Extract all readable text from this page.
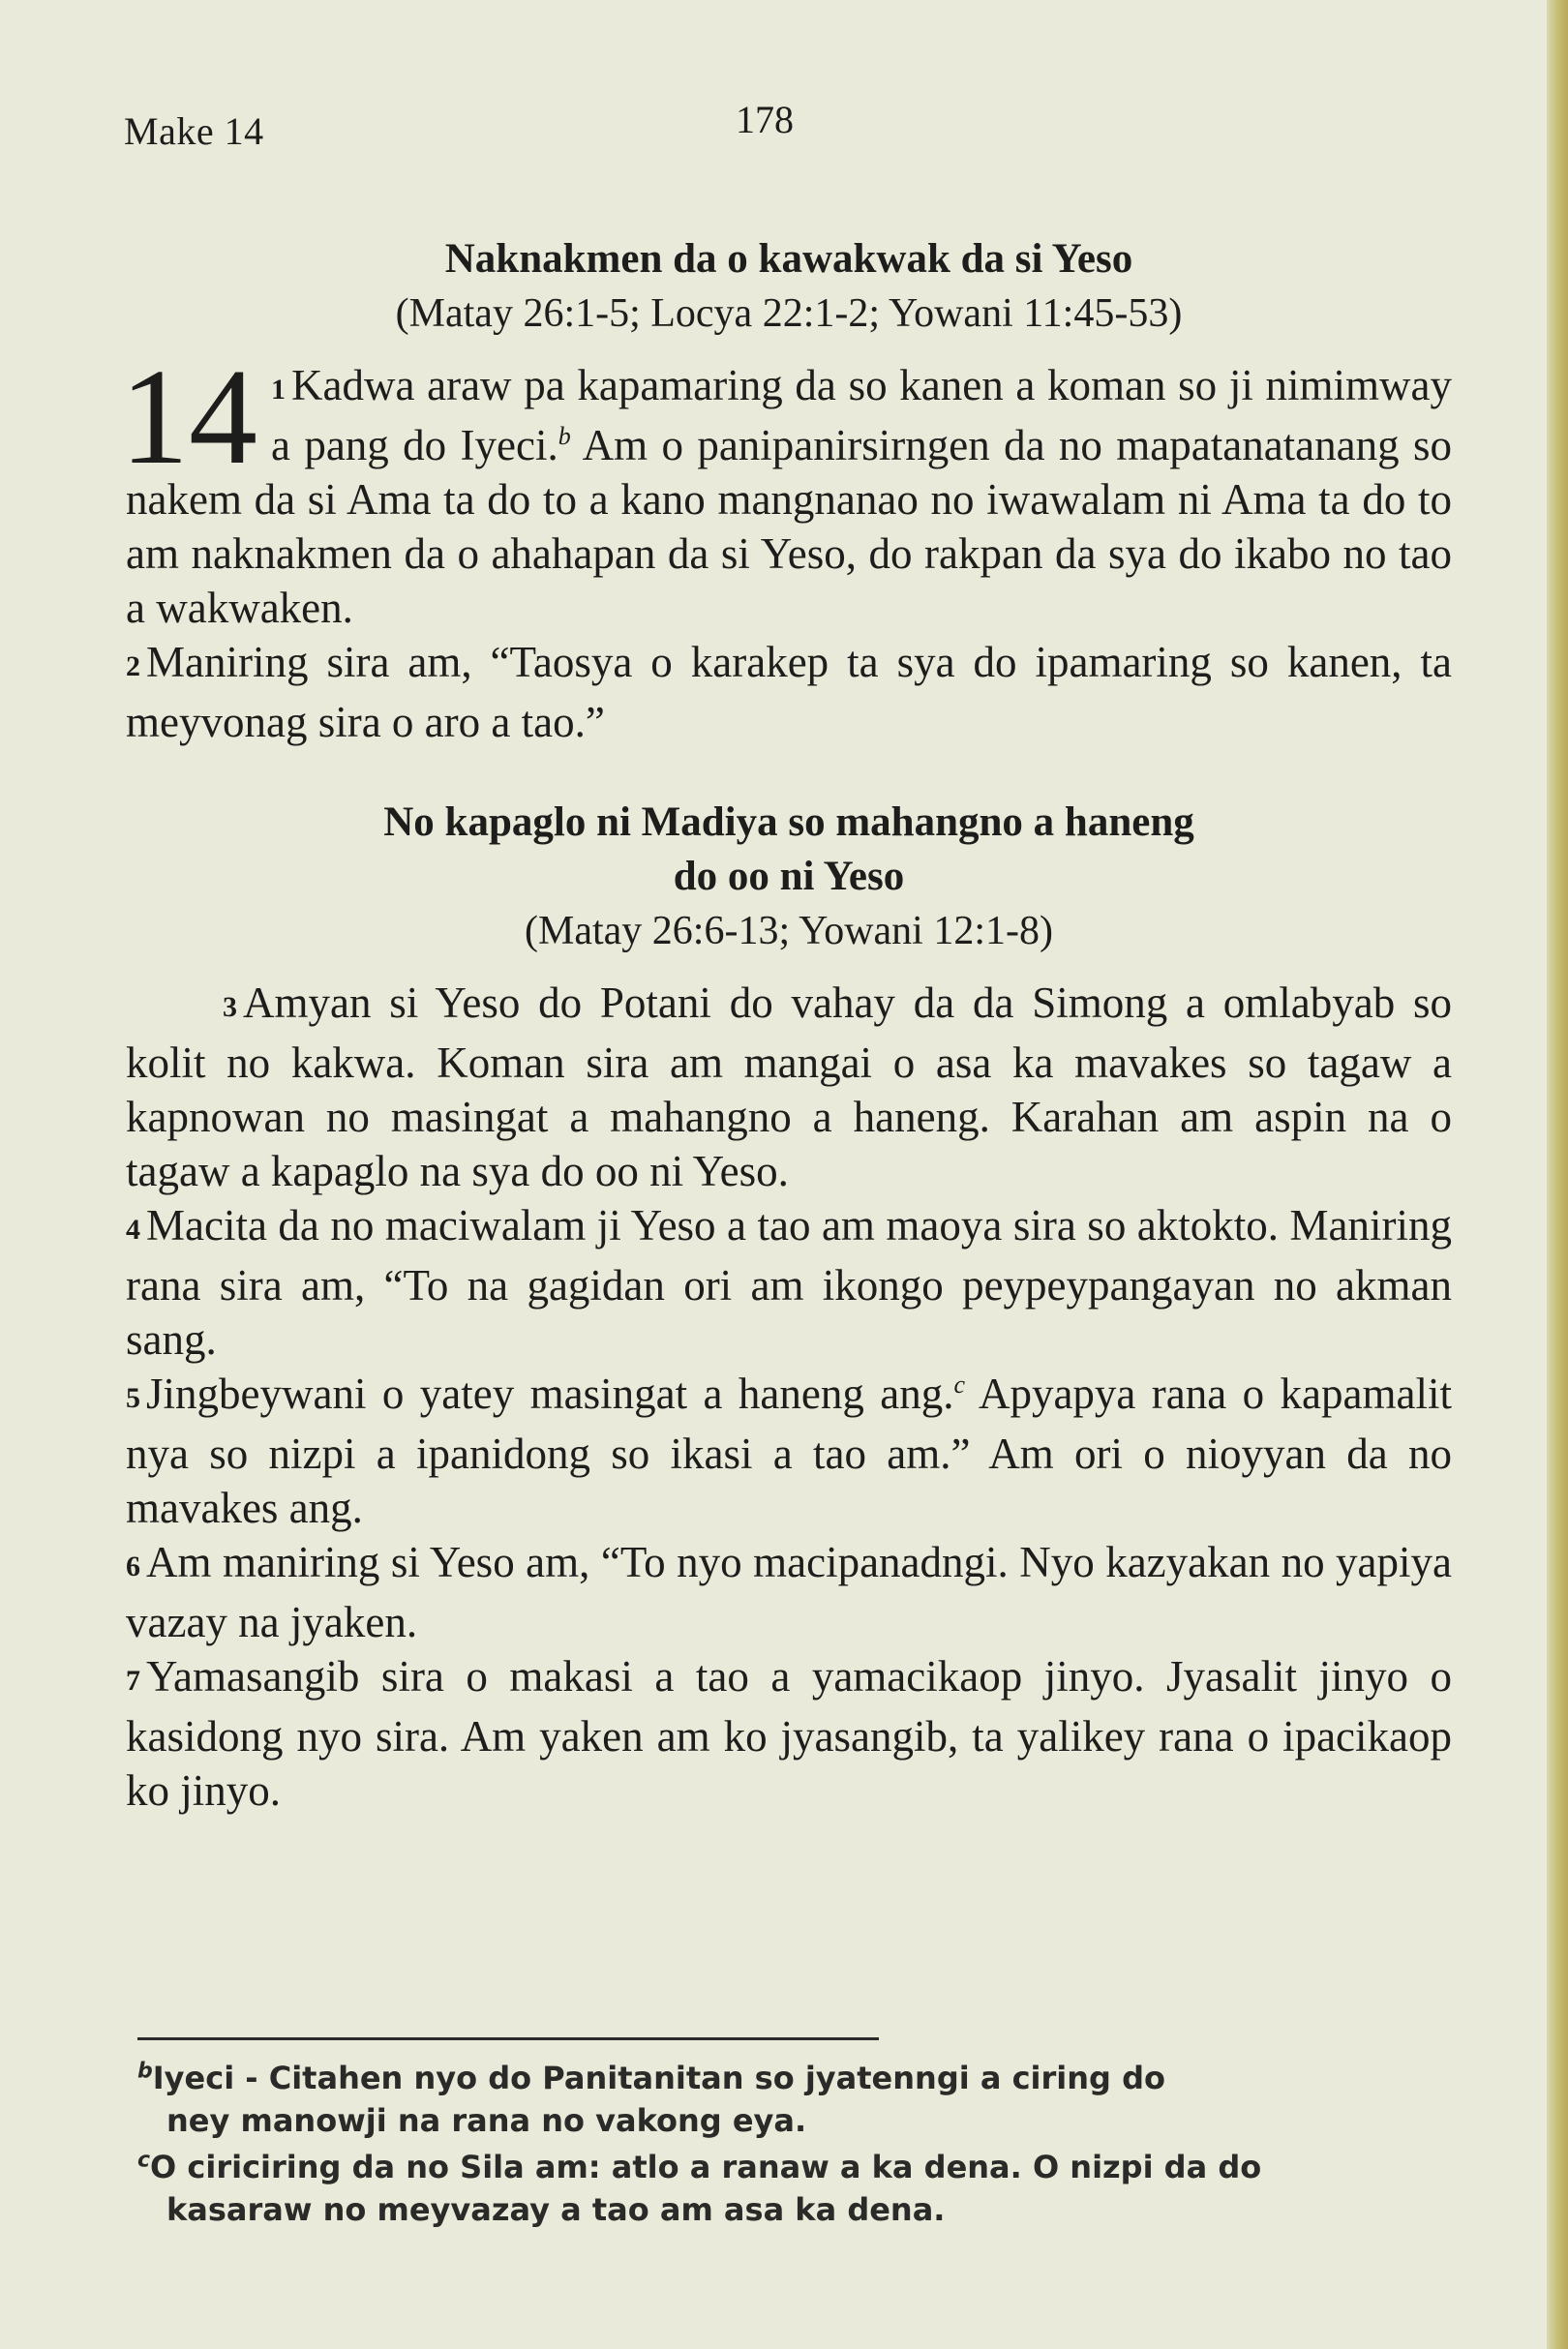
Make 14	178
Naknakmen da o kawakwak da si Yeso
(Matay 26:1-5; Locya 22:1-2; Yowani 11:45-53)

14 1 Kadwa araw pa kapamaring da so kanen a koman so ji nimimway a pang do Iyeci.$^b$ Am o panipanirsirngen da no mapatanatanang so nakem da si Ama ta do to a kano mangnanao no iwawalam ni Ama ta do to am naknakmen da o ahahapan da si Yeso, do rakpan da sya do ikabo no tao a wakwaken.

2 Maniring sira am, “Taosya o karakep ta sya do ipamaring so kanen, ta meyvonag sira o aro a tao.”

No kapaglo ni Madiya so mahangno a haneng
do oo ni Yeso
(Matay 26:6-13; Yowani 12:1-8)

3 Amyan si Yeso do Potani do vahay da da Simong a omlabyab so kolit no kakwa. Koman sira am mangai o asa ka mavakes so tagaw a kapnowan no masingat a mahangno a haneng. Karahan am aspin na o tagaw a kapaglo na sya do oo ni Yeso.

4 Macita da no maciwalam ji Yeso a tao am maoya sira so aktokto. Maniring rana sira am, “To na gagidan ori am ikongo peypeypangayan no akman sang.

5 Jingbeywani o yatey masingat a haneng ang.$^c$ Apyapya rana o kapamalit nya so nizpi a ipanidong so ikasi a tao am.” Am ori o nioyyan da no mavakes ang.

6 Am maniring si Yeso am, “To nyo macipanadngi. Nyo kazyakan no yapiya vazay na jyaken.

7 Yamasangib sira o makasi a tao a yamacikaop jinyo. Jyasalit jinyo o kasidong nyo sira. Am yaken am ko jyasangib, ta yalikey rana o ipacikaop ko jinyo.

$^b$Iyeci - Citahen nyo do Panitanitan so jyatenngi a ciring do
ney manowji na rana no vakong eya.

$^c$O ciriciring da no Sila am: atlo a ranaw a ka dena. O nizpi da do
kasaraw no meyvazay a tao am asa ka dena.
